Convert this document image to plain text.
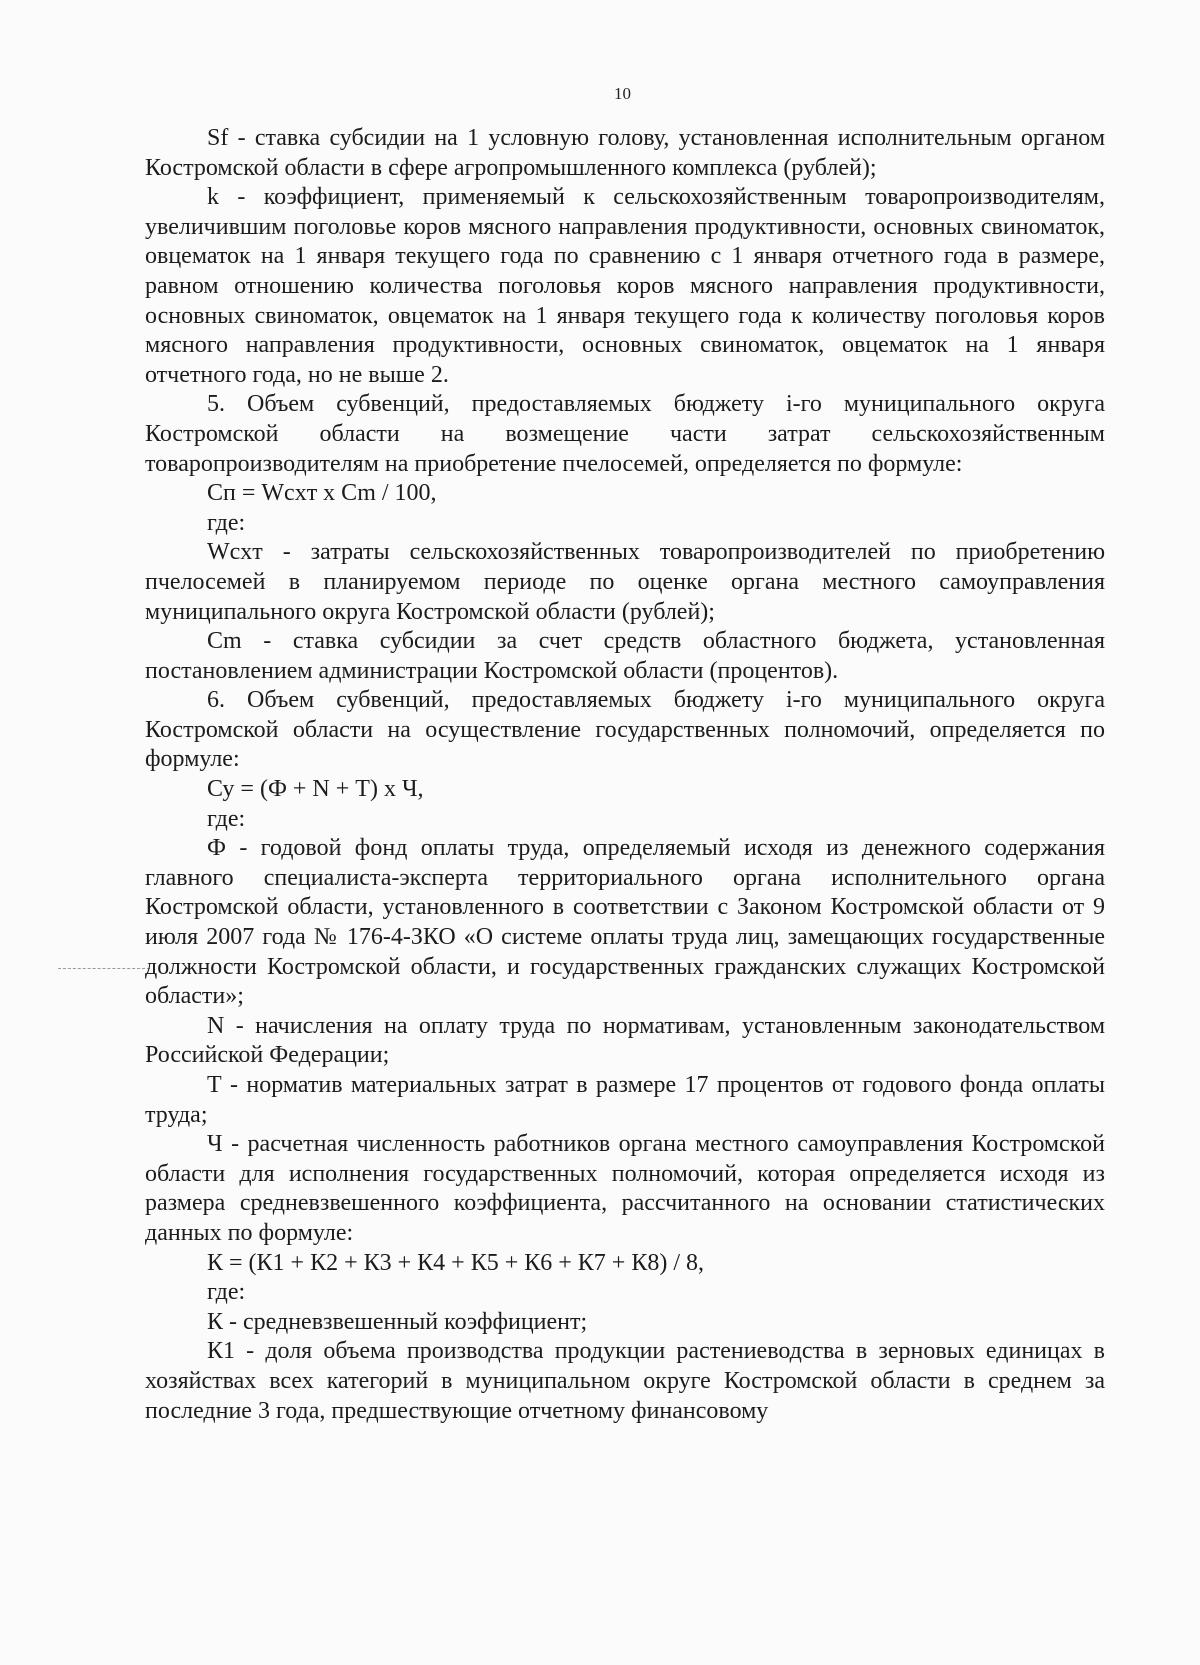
10

Sf - ставка субсидии на 1 условную голову, установленная исполнительным органом Костромской области в сфере агропромышленного комплекса (рублей);

k - коэффициент, применяемый к сельскохозяйственным товаропроизводителям, увеличившим поголовье коров мясного направления продуктивности, основных свиноматок, овцематок на 1 января текущего года по сравнению с 1 января отчетного года в размере, равном отношению количества поголовья коров мясного направления продуктивности, основных свиноматок, овцематок на 1 января текущего года к количеству поголовья коров мясного направления продуктивности, основных свиноматок, овцематок на 1 января отчетного года, но не выше 2.

5. Объем субвенций, предоставляемых бюджету i-го муниципального округа Костромской области на возмещение части затрат сельскохозяйственным товаропроизводителям на приобретение пчелосемей, определяется по формуле:

Сп = Wcxт х Cm / 100,

где:

Wcxт - затраты сельскохозяйственных товаропроизводителей по приобретению пчелосемей в планируемом периоде по оценке органа местного самоуправления муниципального округа Костромской области (рублей);

Cm - ставка субсидии за счет средств областного бюджета, установленная постановлением администрации Костромской области (процентов).

6. Объем субвенций, предоставляемых бюджету i-го муниципального округа Костромской области на осуществление государственных полномочий, определяется по формуле:

Су = (Ф + N + Т) х Ч,

где:

Ф - годовой фонд оплаты труда, определяемый исходя из денежного содержания главного специалиста-эксперта территориального органа исполнительного органа Костромской области, установленного в соответствии с Законом Костромской области от 9 июля 2007 года № 176-4-ЗКО «О системе оплаты труда лиц, замещающих государственные должности Костромской области, и государственных гражданских служащих Костромской области»;

N - начисления на оплату труда по нормативам, установленным законодательством Российской Федерации;

Т - норматив материальных затрат в размере 17 процентов от годового фонда оплаты труда;

Ч - расчетная численность работников органа местного самоуправления Костромской области для исполнения государственных полномочий, которая определяется исходя из размера средневзвешенного коэффициента, рассчитанного на основании статистических данных по формуле:

К = (К1 + К2 + К3 + К4 + К5 + К6 + К7 + К8) / 8,

где:

К - средневзвешенный коэффициент;

К1 - доля объема производства продукции растениеводства в зерновых единицах в хозяйствах всех категорий в муниципальном округе Костромской области в среднем за последние 3 года, предшествующие отчетному финансовому
